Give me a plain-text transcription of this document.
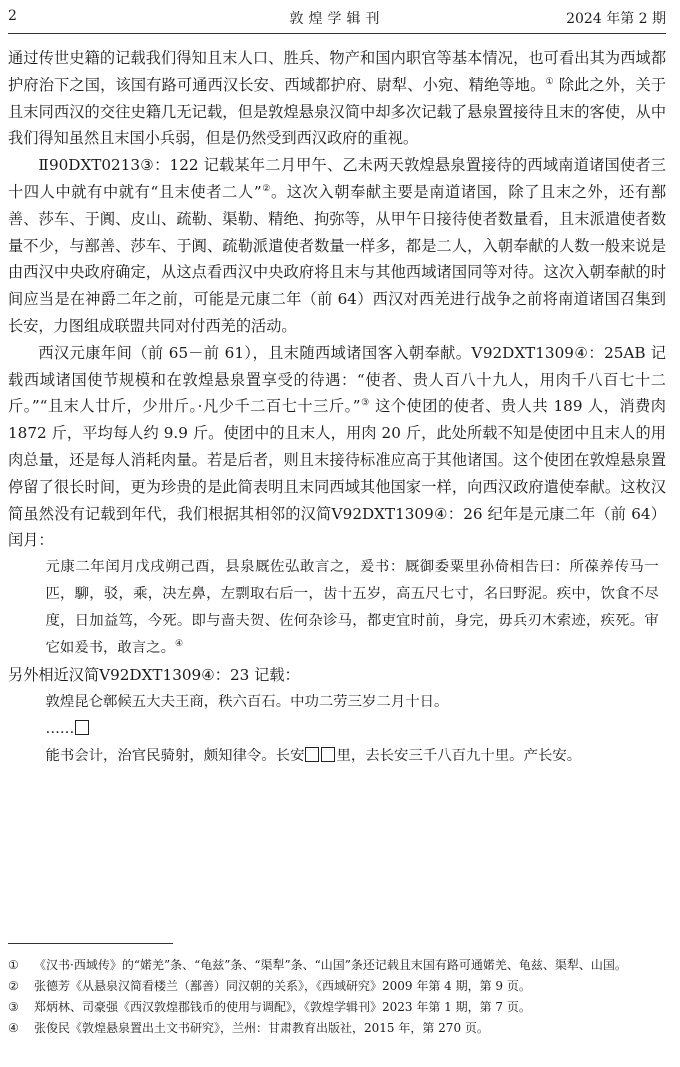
2	敦煌学辑刊	2024 年第 2 期

通过传世史籍的记载我们得知且末人口、胜兵、物产和国内职官等基本情况，也可看出其为西域都护府治下之国，该国有路可通西汉长安、西域都护府、尉犁、小宛、精绝等地。① 除此之外，关于且末同西汉的交往史籍几无记载，但是敦煌悬泉汉简中却多次记载了悬泉置接待且末的客使，从中我们得知虽然且末国小兵弱，但是仍然受到西汉政府的重视。

Ⅱ90DXT0213③：122 记载某年二月甲午、乙未两天敦煌悬泉置接待的西域南道诸国使者三十四人中就有中就有“且末使者二人”②。这次入朝奉献主要是南道诸国，除了且末之外，还有鄯善、莎车、于阗、皮山、疏勒、渠勒、精绝、拘弥等，从甲午日接待使者数量看，且末派遣使者数量不少，与鄯善、莎车、于阗、疏勒派遣使者数量一样多，都是二人，入朝奉献的人数一般来说是由西汉中央政府确定，从这点看西汉中央政府将且末与其他西域诸国同等对待。这次入朝奉献的时间应当是在神爵二年之前，可能是元康二年（前 64）西汉对西羌进行战争之前将南道诸国召集到长安，力图组成联盟共同对付西羌的活动。

西汉元康年间（前 65－前 61），且末随西域诸国客入朝奉献。Ⅴ92DXT1309④：25AB 记载西域诸国使节规模和在敦煌悬泉置享受的待遇：“使者、贵人百八十九人，用肉千八百七十二斤。”“且末人廿斤，少卅斤。·凡少千二百七十三斤。”③ 这个使团的使者、贵人共 189 人，消费肉 1872 斤，平均每人约 9.9 斤。使团中的且末人，用肉 20 斤，此处所载不知是使团中且末人的用肉总量，还是每人消耗肉量。若是后者，则且末接待标准应高于其他诸国。这个使团在敦煌悬泉置停留了很长时间，更为珍贵的是此简表明且末同西域其他国家一样，向西汉政府遣使奉献。这枚汉简虽然没有记载到年代，我们根据其相邻的汉简Ⅴ92DXT1309④：26 纪年是元康二年（前 64）闰月：

元康二年闰月戊戌朔己酉，县泉厩佐弘敢言之，爰书：厩御委粟里孙倚相告曰：所葆养传马一匹，駠，驳，乘，决左鼻，左剽取右后一，齿十五岁，高五尺七寸，名曰野泥。疾中，饮食不尽度，日加益笃，今死。即与啬夫贺、佐何杂诊马，都吏宜时前，身完，毋兵刃木索迹，疾死。审它如爰书，敢言之。④

另外相近汉简Ⅴ92DXT1309④：23 记载：

敦煌昆仑鄣候五大夫王商，秩六百石。中功二劳三岁二月十日。

……

能书会计，治官民骑射，颇知律令。长安 里，去长安三千八百九十里。产长安。

①	《汉书·西域传》的“婼羌”条、“龟兹”条、“渠犁”条、“山国”条还记载且末国有路可通婼羌、龟兹、渠犁、山国。
②	张德芳《从悬泉汉简看楼兰（鄯善）同汉朝的关系》，《西域研究》2009 年第 4 期，第 9 页。
③	郑炳林、司豪强《西汉敦煌郡钱币的使用与调配》，《敦煌学辑刊》2023 年第 1 期，第 7 页。
④	张俊民《敦煌悬泉置出土文书研究》，兰州：甘肃教育出版社，2015 年，第 270 页。
